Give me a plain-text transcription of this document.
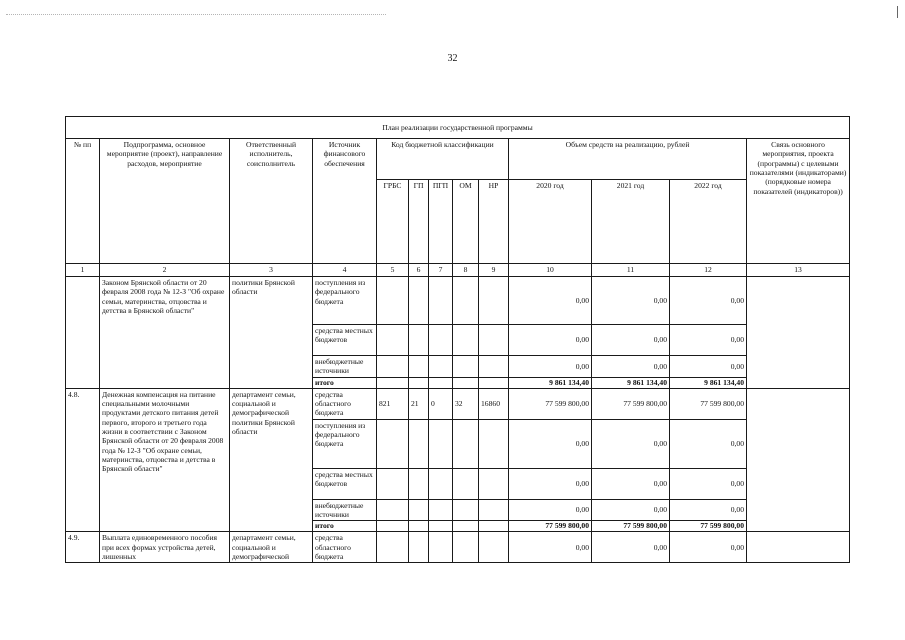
32
План реализации государственной программы												
№ пп	Подпрограмма, основное мероприятие (проект), направление расходов, мероприятие	Ответственный исполнитель, соисполнитель	Источник финансового обеспечения	Код бюджетной классификации					Объем средств на реализацию, рублей			Связь основного мероприятия, проекта (программы) с целевыми показателями (индикаторами) (порядковые номера показателей (индикаторов))
				ГРБС	ГП	ПГП	ОМ	НР	2020 год	2021 год	2022 год	
1	2	3	4	5	6	7	8	9	10	11	12	13
	Законом Брянской области от 20 февраля 2008 года № 12-З "Об охране семьи, материнства, отцовства и детства в Брянской области"	политики Брянской области	поступления из федерального бюджета						0,00	0,00	0,00	
			средства местных бюджетов						0,00	0,00	0,00	
			внебюджетные источники						0,00	0,00	0,00	
			итого						9 861 134,40	9 861 134,40	9 861 134,40	
4.8.	Денежная компенсация на питание специальными молочными продуктами детского питания детей первого, второго и третьего года жизни в соответствии с Законом Брянской области от 20 февраля 2008 года № 12-З "Об охране семьи, материнства, отцовства и детства в Брянской области"	департамент семьи, социальной и демографической политики Брянской области	средства областного бюджета	821	21	0	32	16860	77 599 800,00	77 599 800,00	77 599 800,00	
			поступления из федерального бюджета						0,00	0,00	0,00	
			средства местных бюджетов						0,00	0,00	0,00	
			внебюджетные источники						0,00	0,00	0,00	
			итого						77 599 800,00	77 599 800,00	77 599 800,00	
4.9.	Выплата единовременного пособия при всех формах устройства детей, лишенных	департамент семьи, социальной и демографической	средства областного бюджета						0,00	0,00	0,00	
